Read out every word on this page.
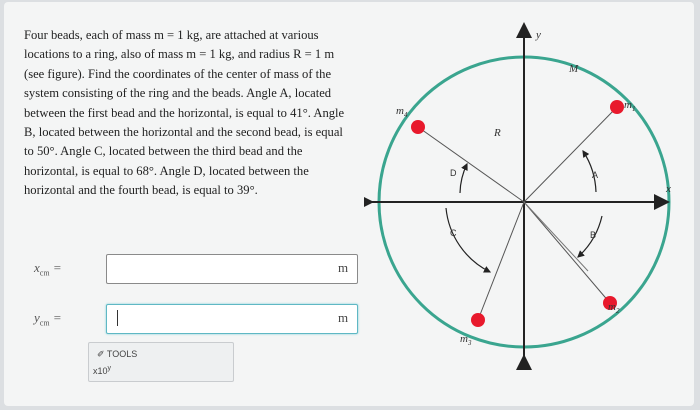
Four beads, each of mass m = 1 kg, are attached at various locations to a ring, also of mass m = 1 kg, and radius R = 1 m (see figure). Find the coordinates of the center of mass of the system consisting of the ring and the beads. Angle A, located between the first bead and the horizontal, is equal to 41°. Angle B, located between the horizontal and the second bead, is equal to 50°. Angle C, located between the third bead and the horizontal, is equal to 68°. Angle D, located between the horizontal and the fourth bead, is equal to 39°.
$x_{cm}$ =	m
$y_{cm}$ =	m
✐ TOOLS
x10$^y$
y
x
M
R
$m_4$
$m_1$
$m_2$
$m_3$
A
B
C
D
